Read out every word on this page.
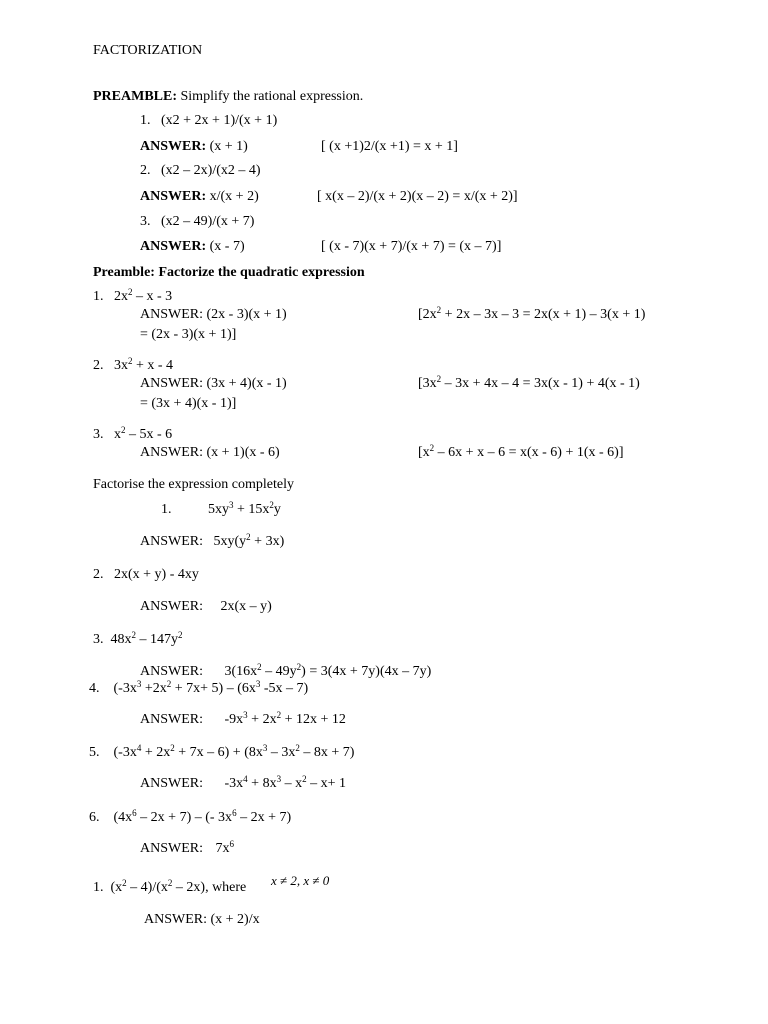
FACTORIZATION
PREAMBLE: Simplify the rational expression.
1. (x2 + 2x + 1)/(x + 1)
ANSWER: (x + 1)	[ (x +1)2/(x +1) = x + 1]
2. (x2 – 2x)/(x2 – 4)
ANSWER: x/(x + 2)	[ x(x – 2)/(x + 2)(x – 2) = x/(x + 2)]
3. (x2 – 49)/(x + 7)
ANSWER: (x - 7)	[ (x - 7)(x + 7)/(x + 7) = (x – 7)]
Preamble: Factorize the quadratic expression
1. $2x^2$ – x - 3
ANSWER: (2x - 3)(x + 1)	[$2x^2 + 2x - 3x - 3 = 2x(x + 1) - 3(x + 1)$
= (2x - 3)(x + 1)]
2. $3x^2 + x - 4$
ANSWER: (3x + 4)(x - 1)	[$3x^2 - 3x + 4x - 4 = 3x(x - 1) + 4(x - 1)$
= (3x + 4)(x - 1)]
3. $x^2 - 5x - 6$
ANSWER: (x + 1)(x - 6)	$[x^2 - 6x + x - 6 = x(x - 6) + 1(x - 6)]$
Factorise the expression completely
1.	$5xy^3 + 15x^2y$
ANSWER:   $5xy(y^2 + 3x)$
2. 2x(x + y) - 4xy
ANSWER: 2x(x – y)
3.  $48x^2 - 147y^2$
ANSWER: $3(16x^2 - 49y^2) = 3(4x + 7y)(4x - 7y)$
4.    $(-3x^3 +2x^2 + 7x+ 5) - (6x^3$ -5x – 7)
ANSWER: $-9x^3 + 2x^2 + 12x + 12$
5.    $(-3x^4 + 2x^2 + 7x - 6) + (8x^3 - 3x^2 - 8x + 7)$
ANSWER: $-3x^4 + 8x^3 - x^2 - x+ 1$
6.    $(4x^6 - 2x + 7)$ – (- $3x^6 - 2x + 7$)
ANSWER: $7x^6$
1.  $(x^2 - 4)/(x^2 - 2x)$, where x ≠ 2, x ≠ 0
ANSWER: (x + 2)/x
